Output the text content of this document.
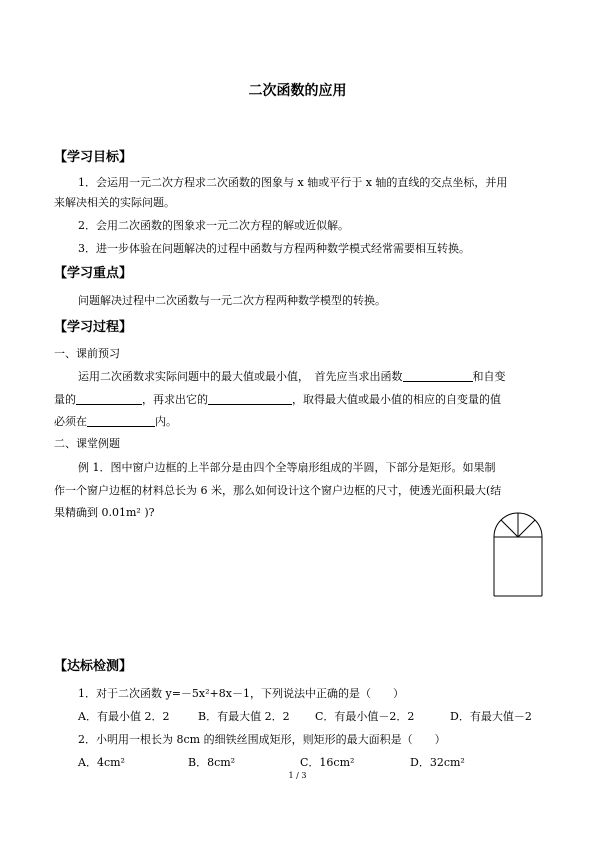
二次函数的应用
【学习目标】
1．会运用一元二次方程求二次函数的图象与 x 轴或平行于 x 轴的直线的交点坐标，并用
来解决相关的实际问题。
2．会用二次函数的图象求一元二次方程的解或近似解。
3．进一步体验在问题解决的过程中函数与方程两种数学模式经常需要相互转换。
【学习重点】
问题解决过程中二次函数与一元二次方程两种数学模型的转换。
【学习过程】
一、课前预习
运用二次函数求实际问题中的最大值或最小值，　首先应当求出函数	和自变
量的	，再求出它的	，取得最大值或最小值的相应的自变量的值
必须在	内。
二、课堂例题
例 1．图中窗户边框的上半部分是由四个全等扇形组成的半圆，下部分是矩形。如果制
作一个窗户边框的材料总长为 6 米，那么如何设计这个窗户边框的尺寸，使透光面积最大(结
果精确到 0.01m² )?
【达标检测】
1．对于二次函数 y=－5x²+8x－1，下列说法中正确的是（　　）
A．有最小值 2．2	B．有最大值 2．2 C．有最小值－2．2	D．有最大值－2
2．小明用一根长为 8cm 的细铁丝围成矩形，则矩形的最大面积是（　　）
A．4cm²	B．8cm²	C．16cm²	D．32cm²
1 / 3
